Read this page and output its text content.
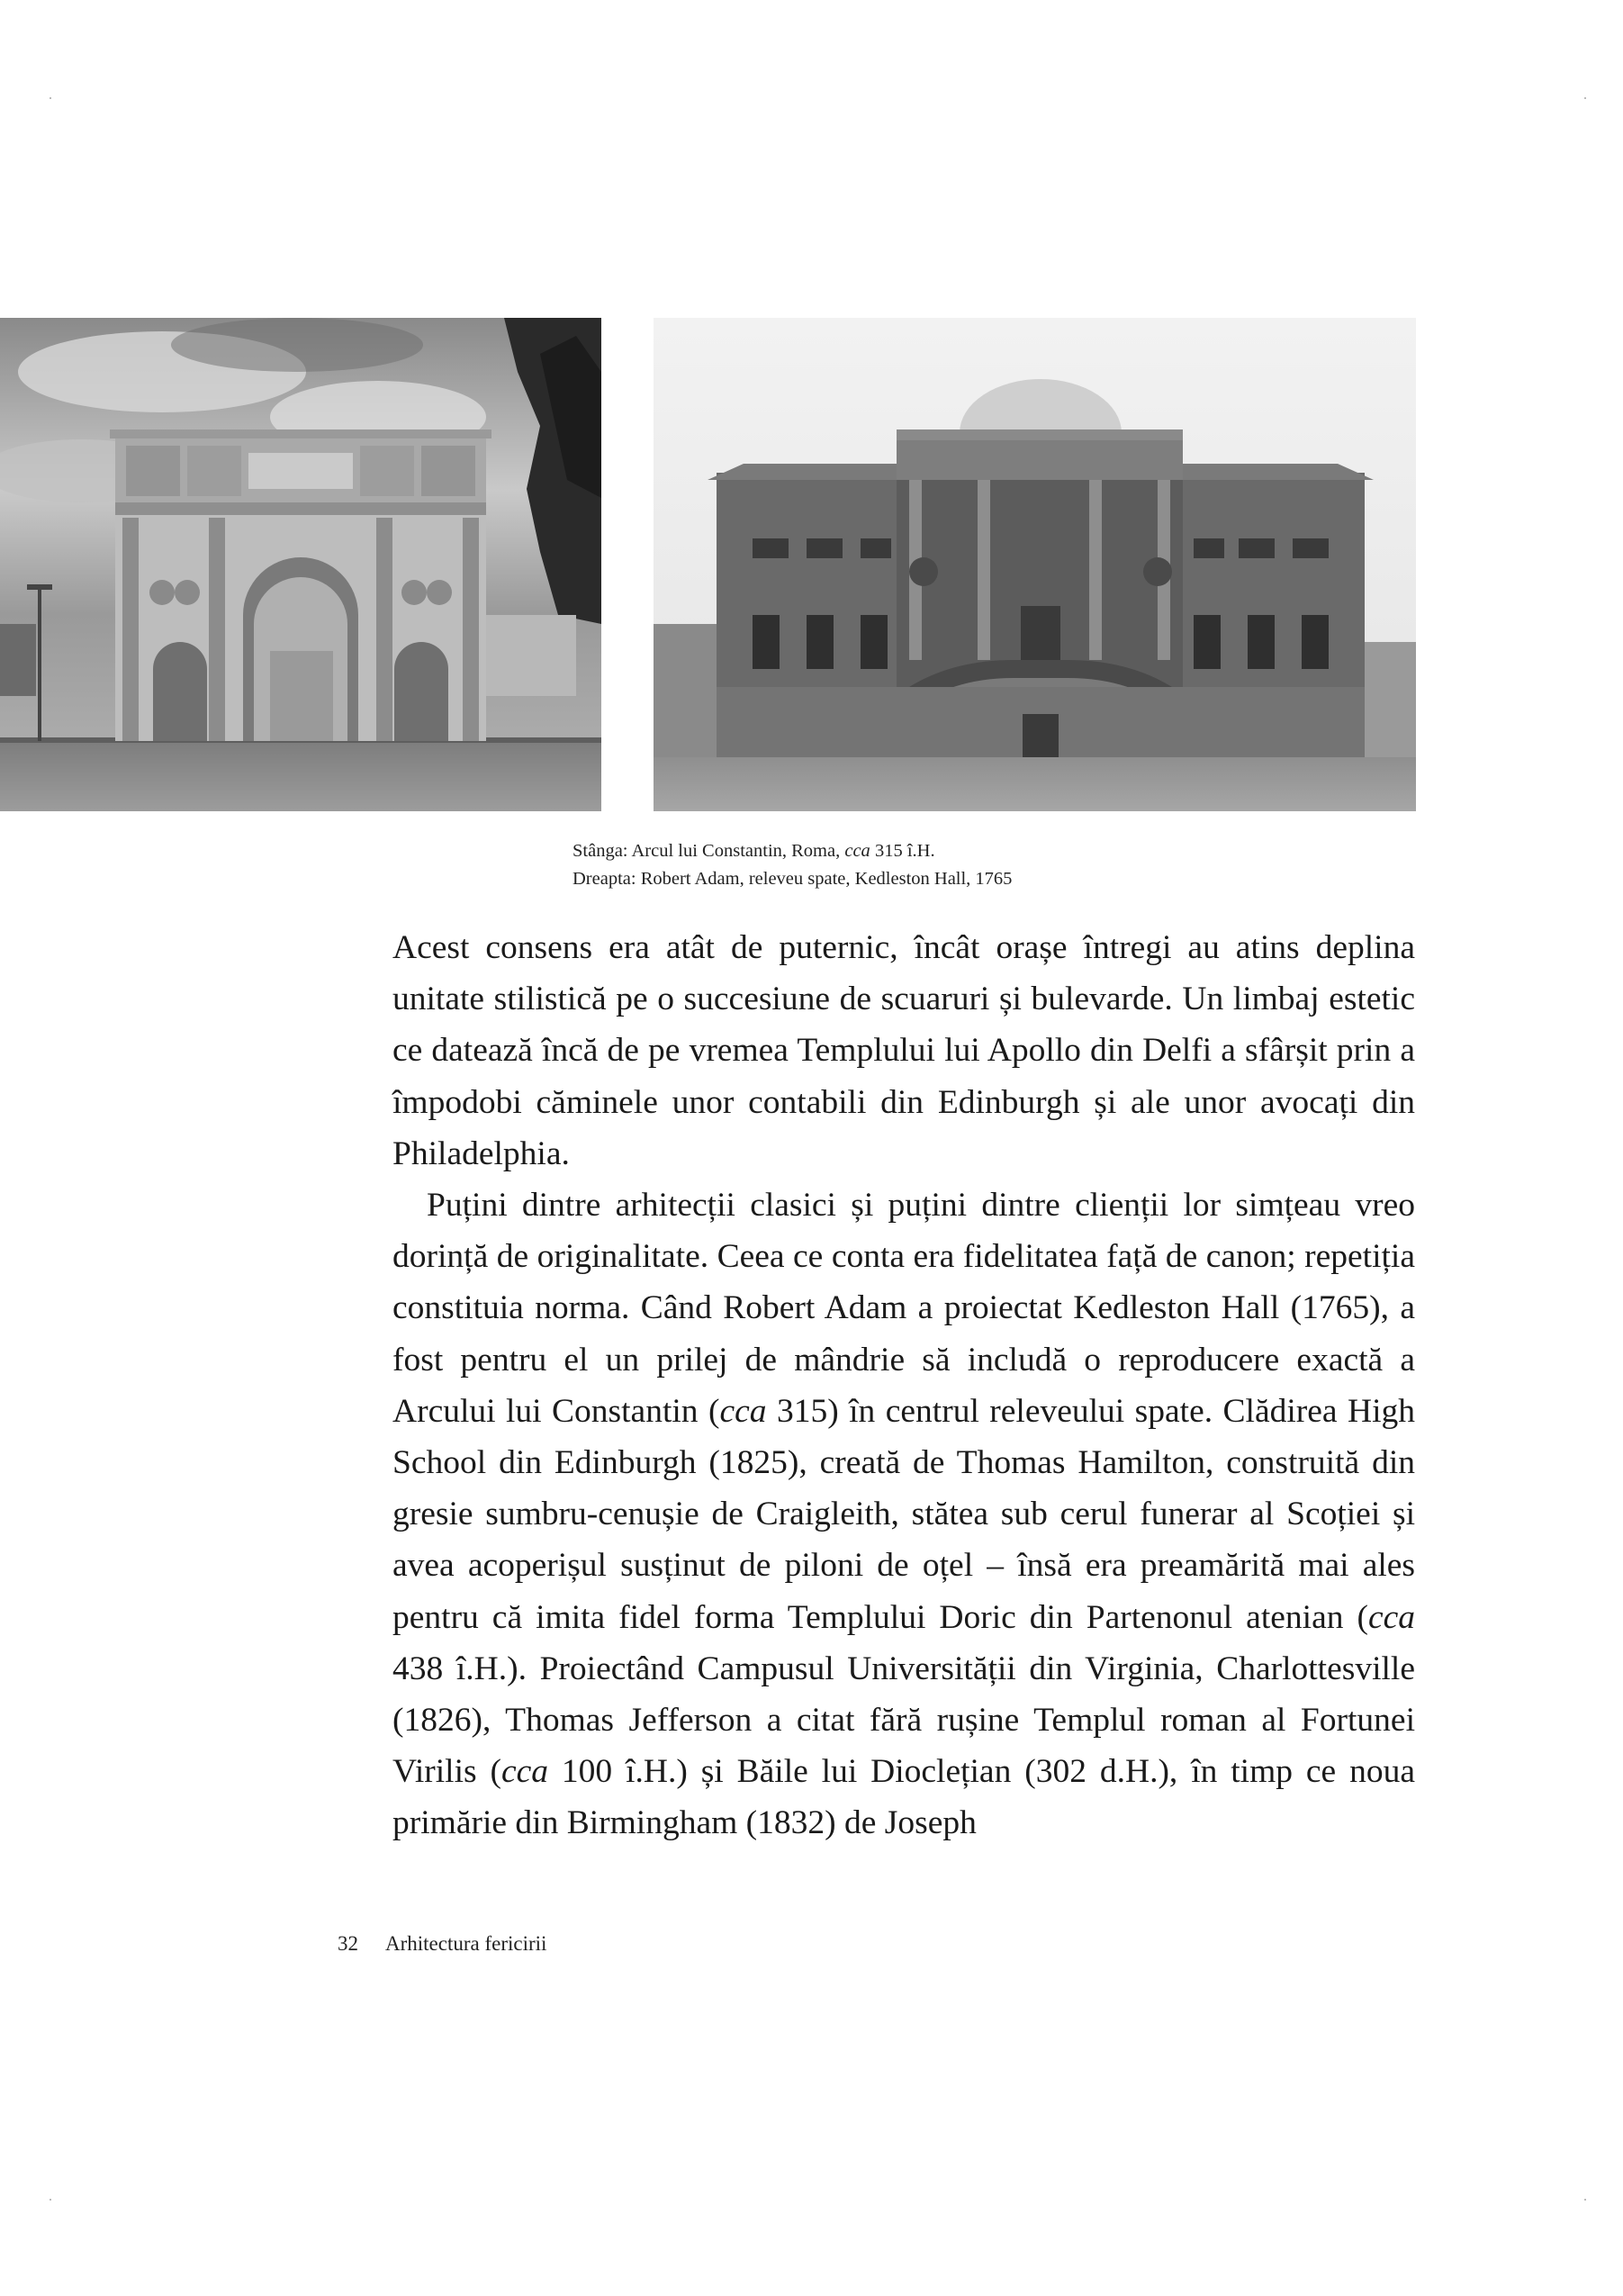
Stânga: Arcul lui Constantin, Roma, cca 315 î.H.
Dreapta: Robert Adam, releveu spate, Kedleston Hall, 1765

Acest consens era atât de puternic, încât orașe întregi au atins deplina unitate stilistică pe o succesiune de scuaruri și bulevarde. Un limbaj estetic ce datează încă de pe vremea Templului lui Apollo din Delfi a sfârșit prin a împodobi căminele unor contabili din Edinburgh și ale unor avocați din Philadelphia.

Puțini dintre arhitecții clasici și puțini dintre clienții lor simțeau vreo dorință de originalitate. Ceea ce conta era fidelitatea față de canon; repetiția constituia norma. Când Robert Adam a proiectat Kedleston Hall (1765), a fost pentru el un prilej de mândrie să includă o reproducere exactă a Arcului lui Constantin (cca 315) în centrul releveului spate. Clădirea High School din Edinburgh (1825), creată de Thomas Hamilton, construită din gresie sumbru-cenușie de Craigleith, stătea sub cerul funerar al Scoției și avea acoperișul susținut de piloni de oțel – însă era preamărită mai ales pentru că imita fidel forma Templului Doric din Partenonul atenian (cca 438 î.H.). Proiectând Campusul Universității din Virginia, Charlottesville (1826), Thomas Jefferson a citat fără rușine Templul roman al Fortunei Virilis (cca 100 î.H.) și Băile lui Dioclețian (302 d.H.), în timp ce noua primărie din Birmingham (1832) de Joseph

32 Arhitectura fericirii
